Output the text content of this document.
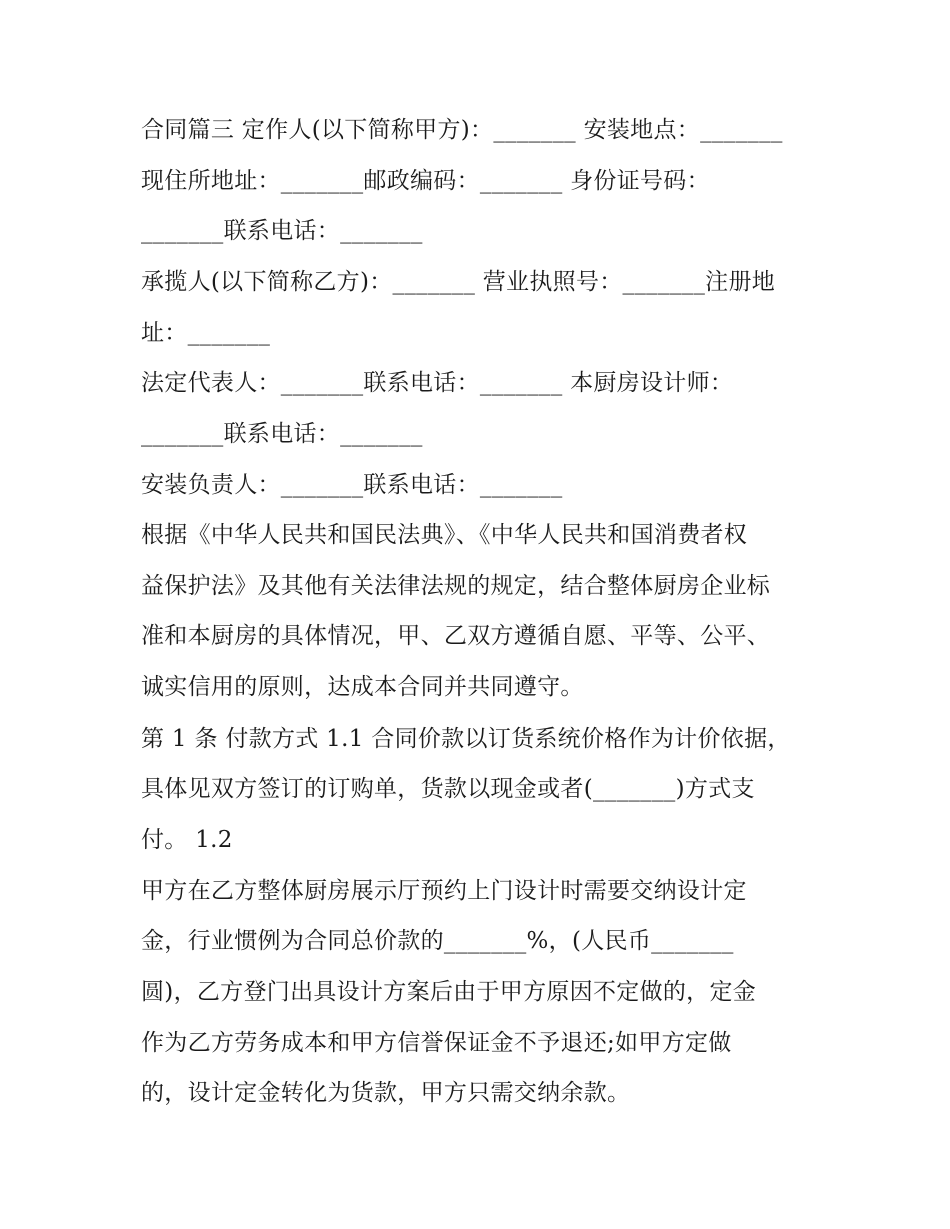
合同篇三 定作人(以下简称甲方)：_______ 安装地点：_______
现住所地址：_______邮政编码：_______ 身份证号码：
_______联系电话：_______
承揽人(以下简称乙方)：_______ 营业执照号：_______注册地
址：_______
法定代表人：_______联系电话：_______ 本厨房设计师：
_______联系电话：_______
安装负责人：_______联系电话：_______
根据《中华人民共和国民法典》、《中华人民共和国消费者权
益保护法》及其他有关法律法规的规定，结合整体厨房企业标
准和本厨房的具体情况，甲、乙双方遵循自愿、平等、公平、
诚实信用的原则，达成本合同并共同遵守。
第 1 条 付款方式 1.1 合同价款以订货系统价格作为计价依据，
具体见双方签订的订购单，货款以现金或者(_______)方式支
付。 1.2
甲方在乙方整体厨房展示厅预约上门设计时需要交纳设计定
金，行业惯例为合同总价款的_______%，(人民币_______
圆)，乙方登门出具设计方案后由于甲方原因不定做的，定金
作为乙方劳务成本和甲方信誉保证金不予退还;如甲方定做
的，设计定金转化为货款，甲方只需交纳余款。
